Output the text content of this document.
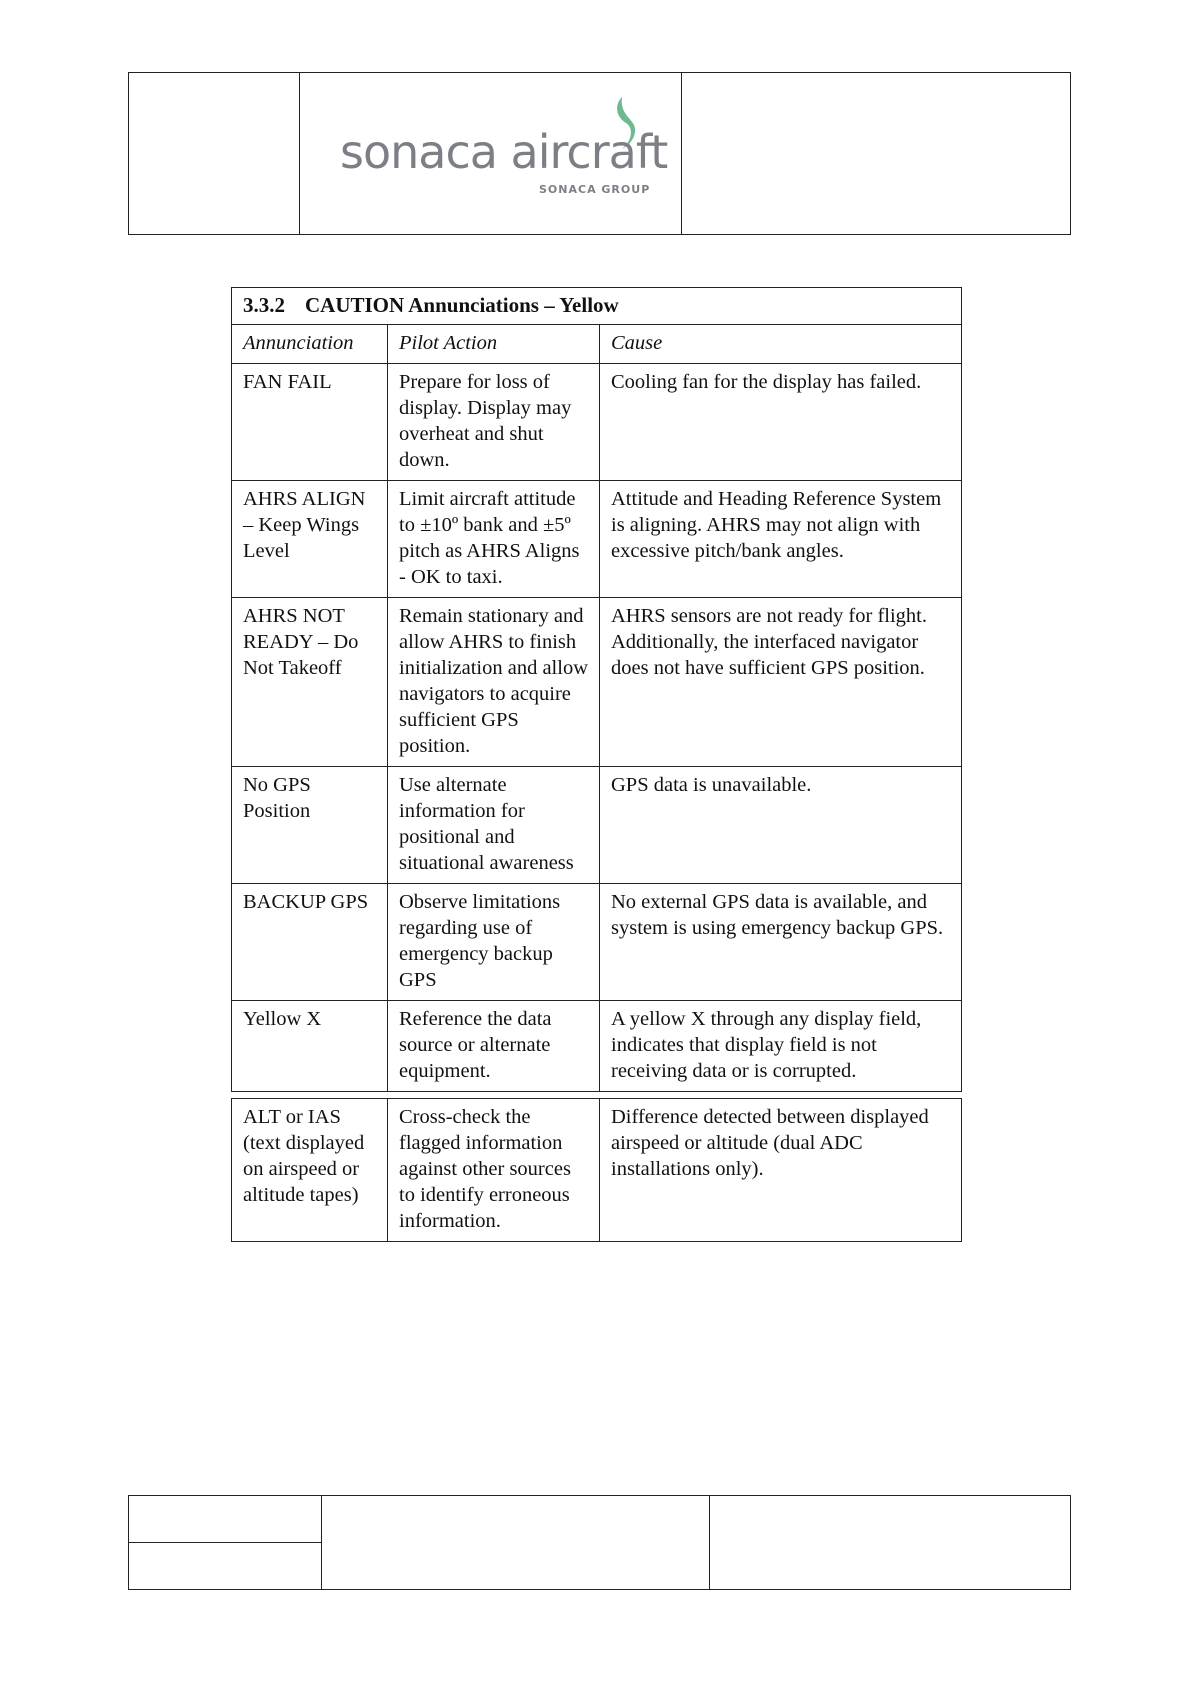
sonaca aircraft
SONACA GROUP
3.3.2 CAUTION Annunciations – Yellow		
Annunciation	Pilot Action	Cause
FAN FAIL	Prepare for loss of display. Display may overheat and shut down.	Cooling fan for the display has failed.
AHRS ALIGN – Keep Wings Level	Limit aircraft attitude to ±10º bank and ±5º pitch as AHRS Aligns - OK to taxi.	Attitude and Heading Reference System is aligning. AHRS may not align with excessive pitch/bank angles.
AHRS NOT READY – Do Not Takeoff	Remain stationary and allow AHRS to finish initialization and allow navigators to acquire sufficient GPS position.	AHRS sensors are not ready for flight. Additionally, the interfaced navigator does not have sufficient GPS position.
No GPS Position	Use alternate information for positional and situational awareness	GPS data is unavailable.
BACKUP GPS	Observe limitations regarding use of emergency backup GPS	No external GPS data is available, and system is using emergency backup GPS.
Yellow X	Reference the data source or alternate equipment.	A yellow X through any display field, indicates that display field is not receiving data or is corrupted.

ALT or IAS (text displayed on airspeed or altitude tapes)	Cross-check the flagged information against other sources to identify erroneous information.	Difference detected between displayed airspeed or altitude (dual ADC installations only).
